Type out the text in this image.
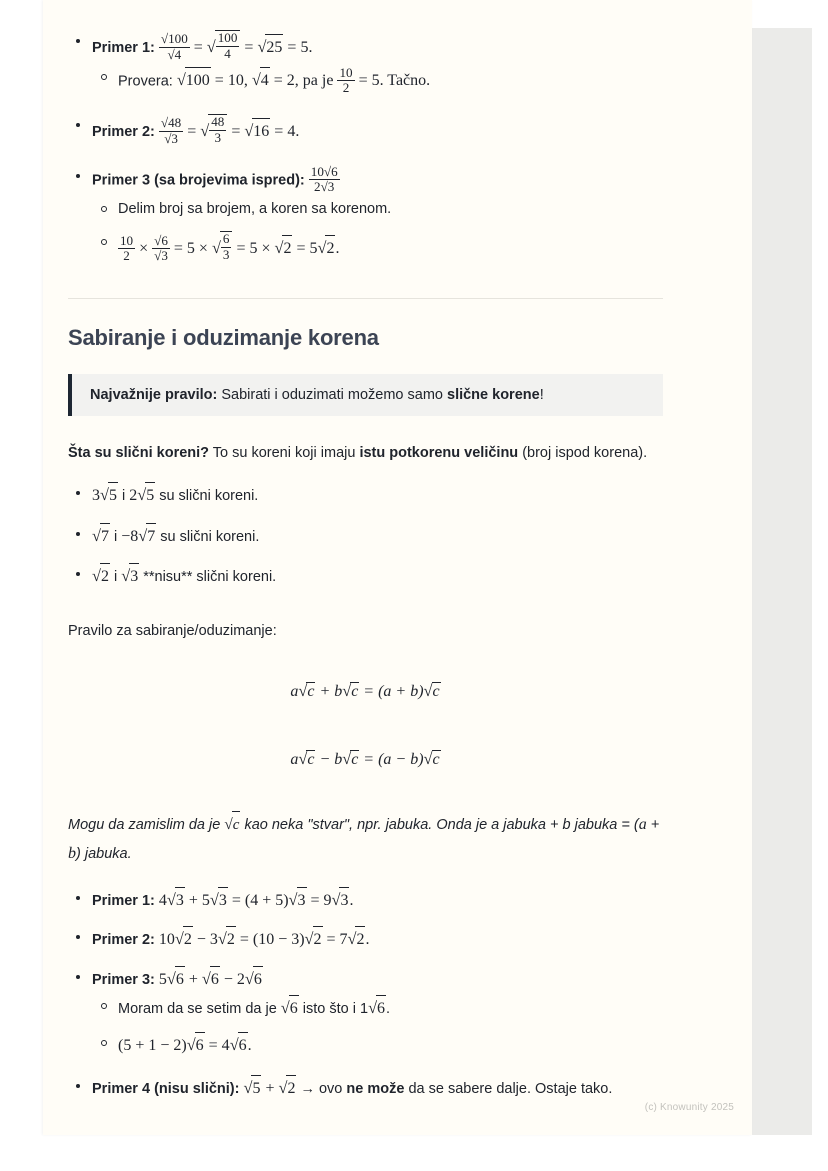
Primer 1: $\frac{√100}{√4}$ = √ $\frac{100}{4} = √25 = 5$.
Provera: √100 = 10, √4 = 2, pa je $\frac{10}{2} = 5$. Tačno.
Primer 2: $\frac{√48}{√3}$ = √ $\frac{48}{3} = √16 = 4$.
Primer 3 (sa brojevima ispred): $\frac{10√6}{2√3}$
Delim broj sa brojem, a koren sa korenom.
$\frac{10}{2} \times \frac{√6}{√3} = 5$ × √ $\frac{6}{3} = 5 \times √2 = 5√2$.
Sabiranje i oduzimanje korena
Najvažnije pravilo: Sabirati i oduzimati možemo samo slične korene!

Šta su slični koreni? To su koreni koji imaju istu potkorenu veličinu (broj ispod korena).

3√5 i 2√5 su slični koreni.
√7 i −8√7 su slični koreni.
√2 i √3 **nisu** slični koreni.

Pravilo za sabiranje/oduzimanje:

a√c + b√c = (a + b)√c
a√c − b√c = (a − b)√c

Mogu da zamislim da je √c kao neka "stvar", npr. jabuka. Onda je a jabuka + b jabuka = (a + b) jabuka.

Primer 1: 4√3 + 5√3 = (4 + 5)√3 = 9√3.
Primer 2: 10√2 − 3√2 = (10 − 3)√2 = 7√2.
Primer 3: 5√6 + √6 − 2√6
Moram da se setim da je √6 isto što i 1√6.
(5 + 1 − 2)√6 = 4√6.
Primer 4 (nisu slični): √5 + √2 → ovo ne može da se sabere dalje. Ostaje tako.
(c) Knowunity 2025
